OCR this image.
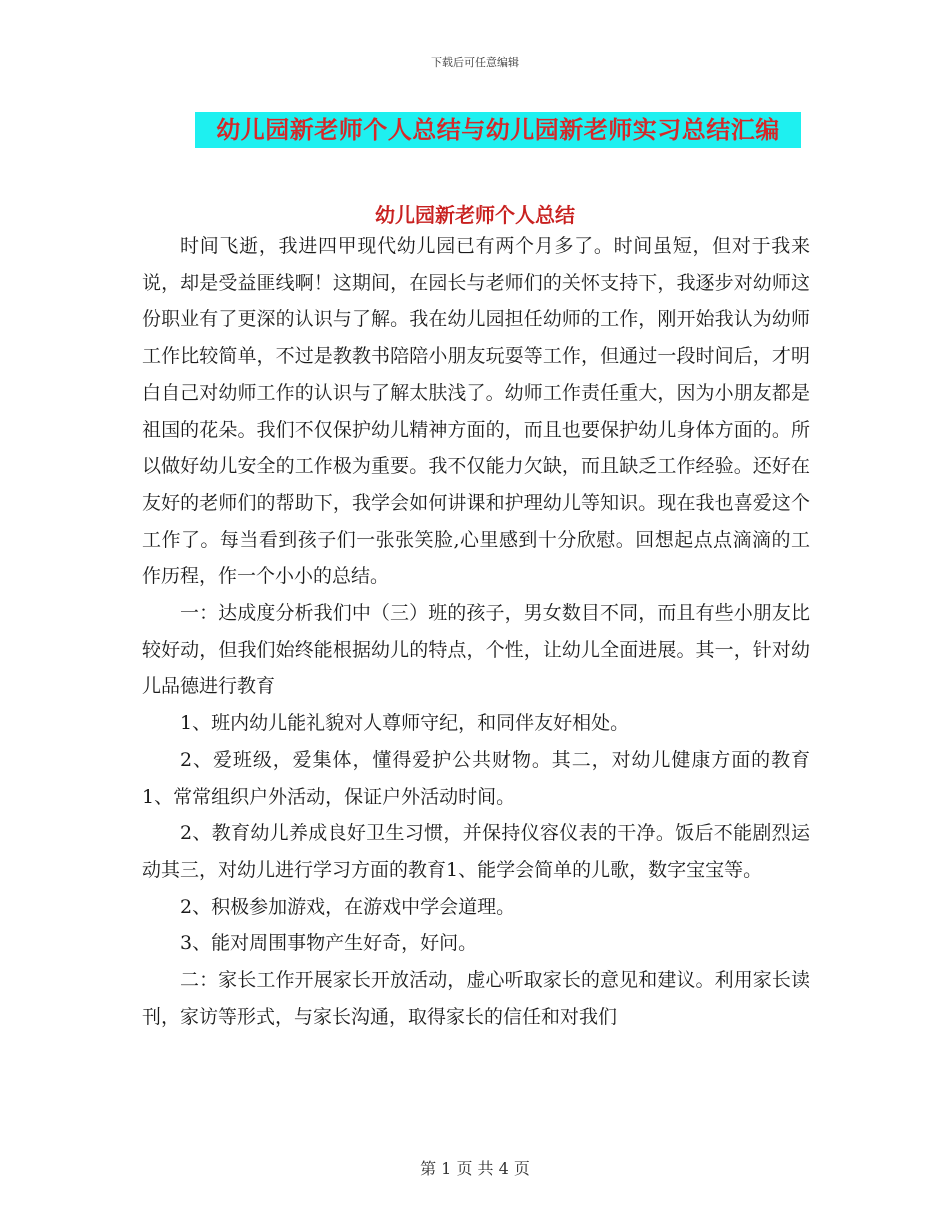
下载后可任意编辑
幼儿园新老师个人总结与幼儿园新老师实习总结汇编
幼儿园新老师个人总结

时间飞逝，我进四甲现代幼儿园已有两个月多了。时间虽短，但对于我来说，却是受益匪线啊！这期间，在园长与老师们的关怀支持下，我逐步对幼师这份职业有了更深的认识与了解。我在幼儿园担任幼师的工作，刚开始我认为幼师工作比较简单，不过是教教书陪陪小朋友玩耍等工作，但通过一段时间后，才明白自己对幼师工作的认识与了解太肤浅了。幼师工作责任重大，因为小朋友都是祖国的花朵。我们不仅保护幼儿精神方面的，而且也要保护幼儿身体方面的。所以做好幼儿安全的工作极为重要。我不仅能力欠缺，而且缺乏工作经验。还好在友好的老师们的帮助下，我学会如何讲课和护理幼儿等知识。现在我也喜爱这个工作了。每当看到孩子们一张张笑脸,心里感到十分欣慰。回想起点点滴滴的工作历程，作一个小小的总结。

一：达成度分析我们中（三）班的孩子，男女数目不同，而且有些小朋友比较好动，但我们始终能根据幼儿的特点，个性，让幼儿全面进展。其一，针对幼儿品德进行教育

1、班内幼儿能礼貌对人尊师守纪，和同伴友好相处。

2、爱班级，爱集体，懂得爱护公共财物。其二，对幼儿健康方面的教育1、常常组织户外活动，保证户外活动时间。

2、教育幼儿养成良好卫生习惯，并保持仪容仪表的干净。饭后不能剧烈运动其三，对幼儿进行学习方面的教育1、能学会简单的儿歌，数字宝宝等。

2、积极参加游戏，在游戏中学会道理。

3、能对周围事物产生好奇，好问。

二：家长工作开展家长开放活动，虚心听取家长的意见和建议。利用家长读刊，家访等形式，与家长沟通，取得家长的信任和对我们

第 1 页 共 4 页
